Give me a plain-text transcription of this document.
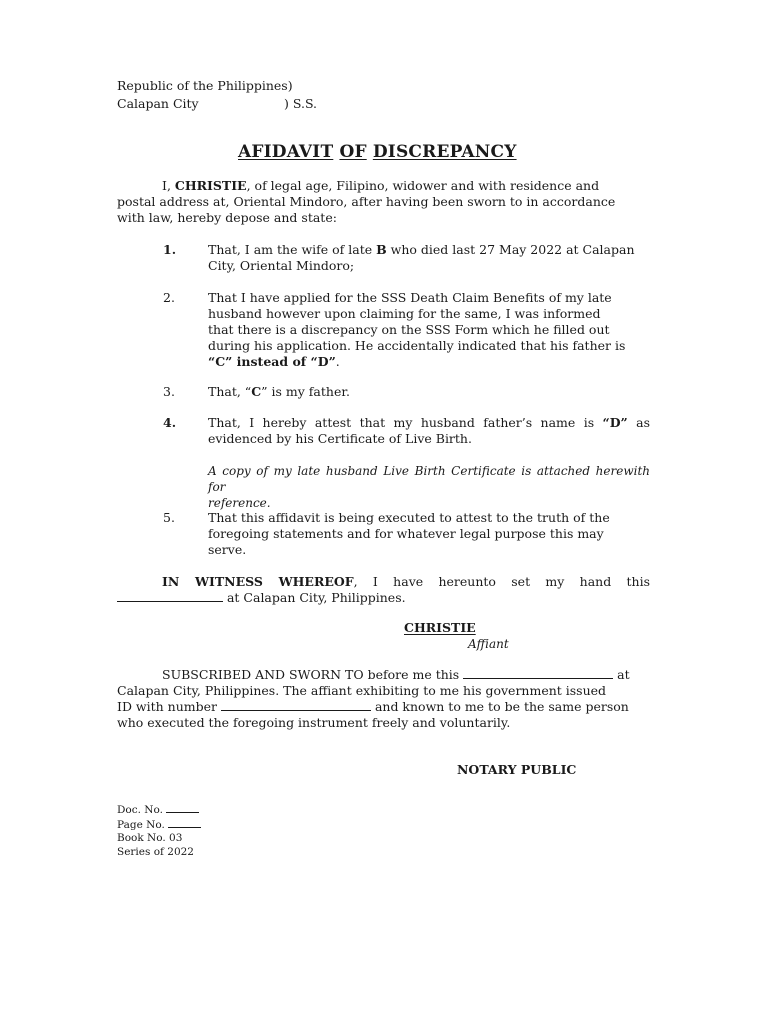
Republic of the Philippines)
Calapan City	) S.S.
AFIDAVIT OF DISCREPANCY
I, CHRISTIE, of legal age, Filipino, widower and with residence and
postal address at, Oriental Mindoro, after having been sworn to in accordance
with law, hereby depose and state:
1.	That, I am the wife of late B who died last 27 May 2022 at Calapan
City, Oriental Mindoro;
2.	That I have applied for the SSS Death Claim Benefits of my late
husband however upon claiming for the same, I was informed
that there is a discrepancy on the SSS Form which he filled out
during his application. He accidentally indicated that his father is
“C” instead of “D”.
3.	That, “C” is my father.
4.	That, I hereby attest that my husband father’s name is “D” as
evidenced by his Certificate of Live Birth.
A copy of my late husband Live Birth Certificate is attached herewith for
reference.
5.	That this affidavit is being executed to attest to the truth of the
foregoing statements and for whatever legal purpose this may
serve.
IN WITNESS WHEREOF, I have hereunto set my hand this
at Calapan City, Philippines.
CHRISTIE
Affiant
SUBSCRIBED AND SWORN TO before me this	at
Calapan City, Philippines. The affiant exhibiting to me his government issued
ID with number	and known to me to be the same person
who executed the foregoing instrument freely and voluntarily.
NOTARY PUBLIC
Doc. No.
Page No.
Book No. 03
Series of 2022
